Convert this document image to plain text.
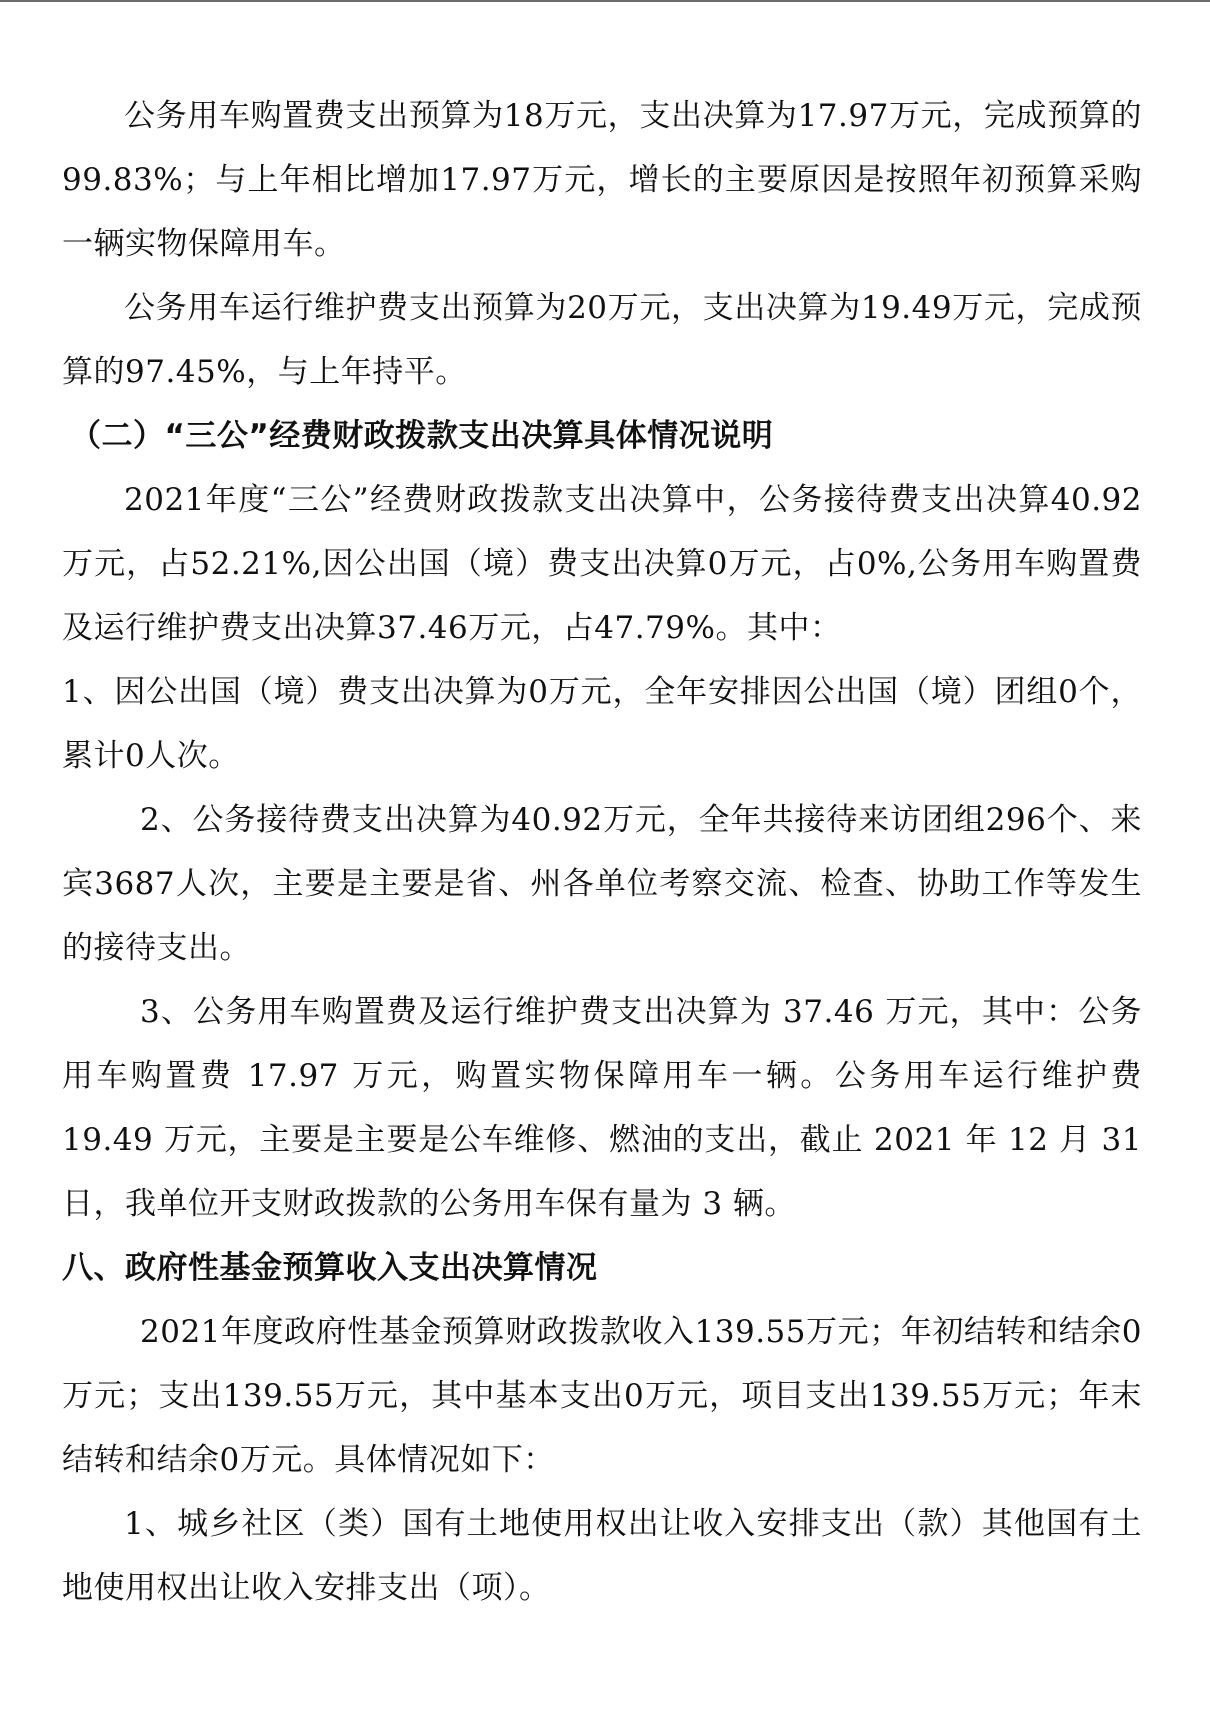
公务用车购置费支出预算为18万元，支出决算为17.97万元，完成预算的99.83%；与上年相比增加17.97万元，增长的主要原因是按照年初预算采购一辆实物保障用车。

公务用车运行维护费支出预算为20万元，支出决算为19.49万元，完成预算的97.45%，与上年持平。

（二）“三公”经费财政拨款支出决算具体情况说明

2021年度“三公”经费财政拨款支出决算中，公务接待费支出决算40.92万元，占52.21%,因公出国（境）费支出决算0万元，占0%,公务用车购置费及运行维护费支出决算37.46万元，占47.79%。其中：

1、因公出国（境）费支出决算为0万元，全年安排因公出国（境）团组0个，累计0人次。

2、公务接待费支出决算为40.92万元，全年共接待来访团组296个、来宾3687人次，主要是主要是省、州各单位考察交流、检查、协助工作等发生的接待支出。

3、公务用车购置费及运行维护费支出决算为 37.46 万元，其中：公务用车购置费 17.97 万元，购置实物保障用车一辆。公务用车运行维护费 19.49 万元，主要是主要是公车维修、燃油的支出，截止 2021 年 12 月 31 日，我单位开支财政拨款的公务用车保有量为 3 辆。

八、政府性基金预算收入支出决算情况

2021年度政府性基金预算财政拨款收入139.55万元；年初结转和结余0万元；支出139.55万元，其中基本支出0万元，项目支出139.55万元；年末结转和结余0万元。具体情况如下：

1、城乡社区（类）国有土地使用权出让收入安排支出（款）其他国有土地使用权出让收入安排支出（项）。
